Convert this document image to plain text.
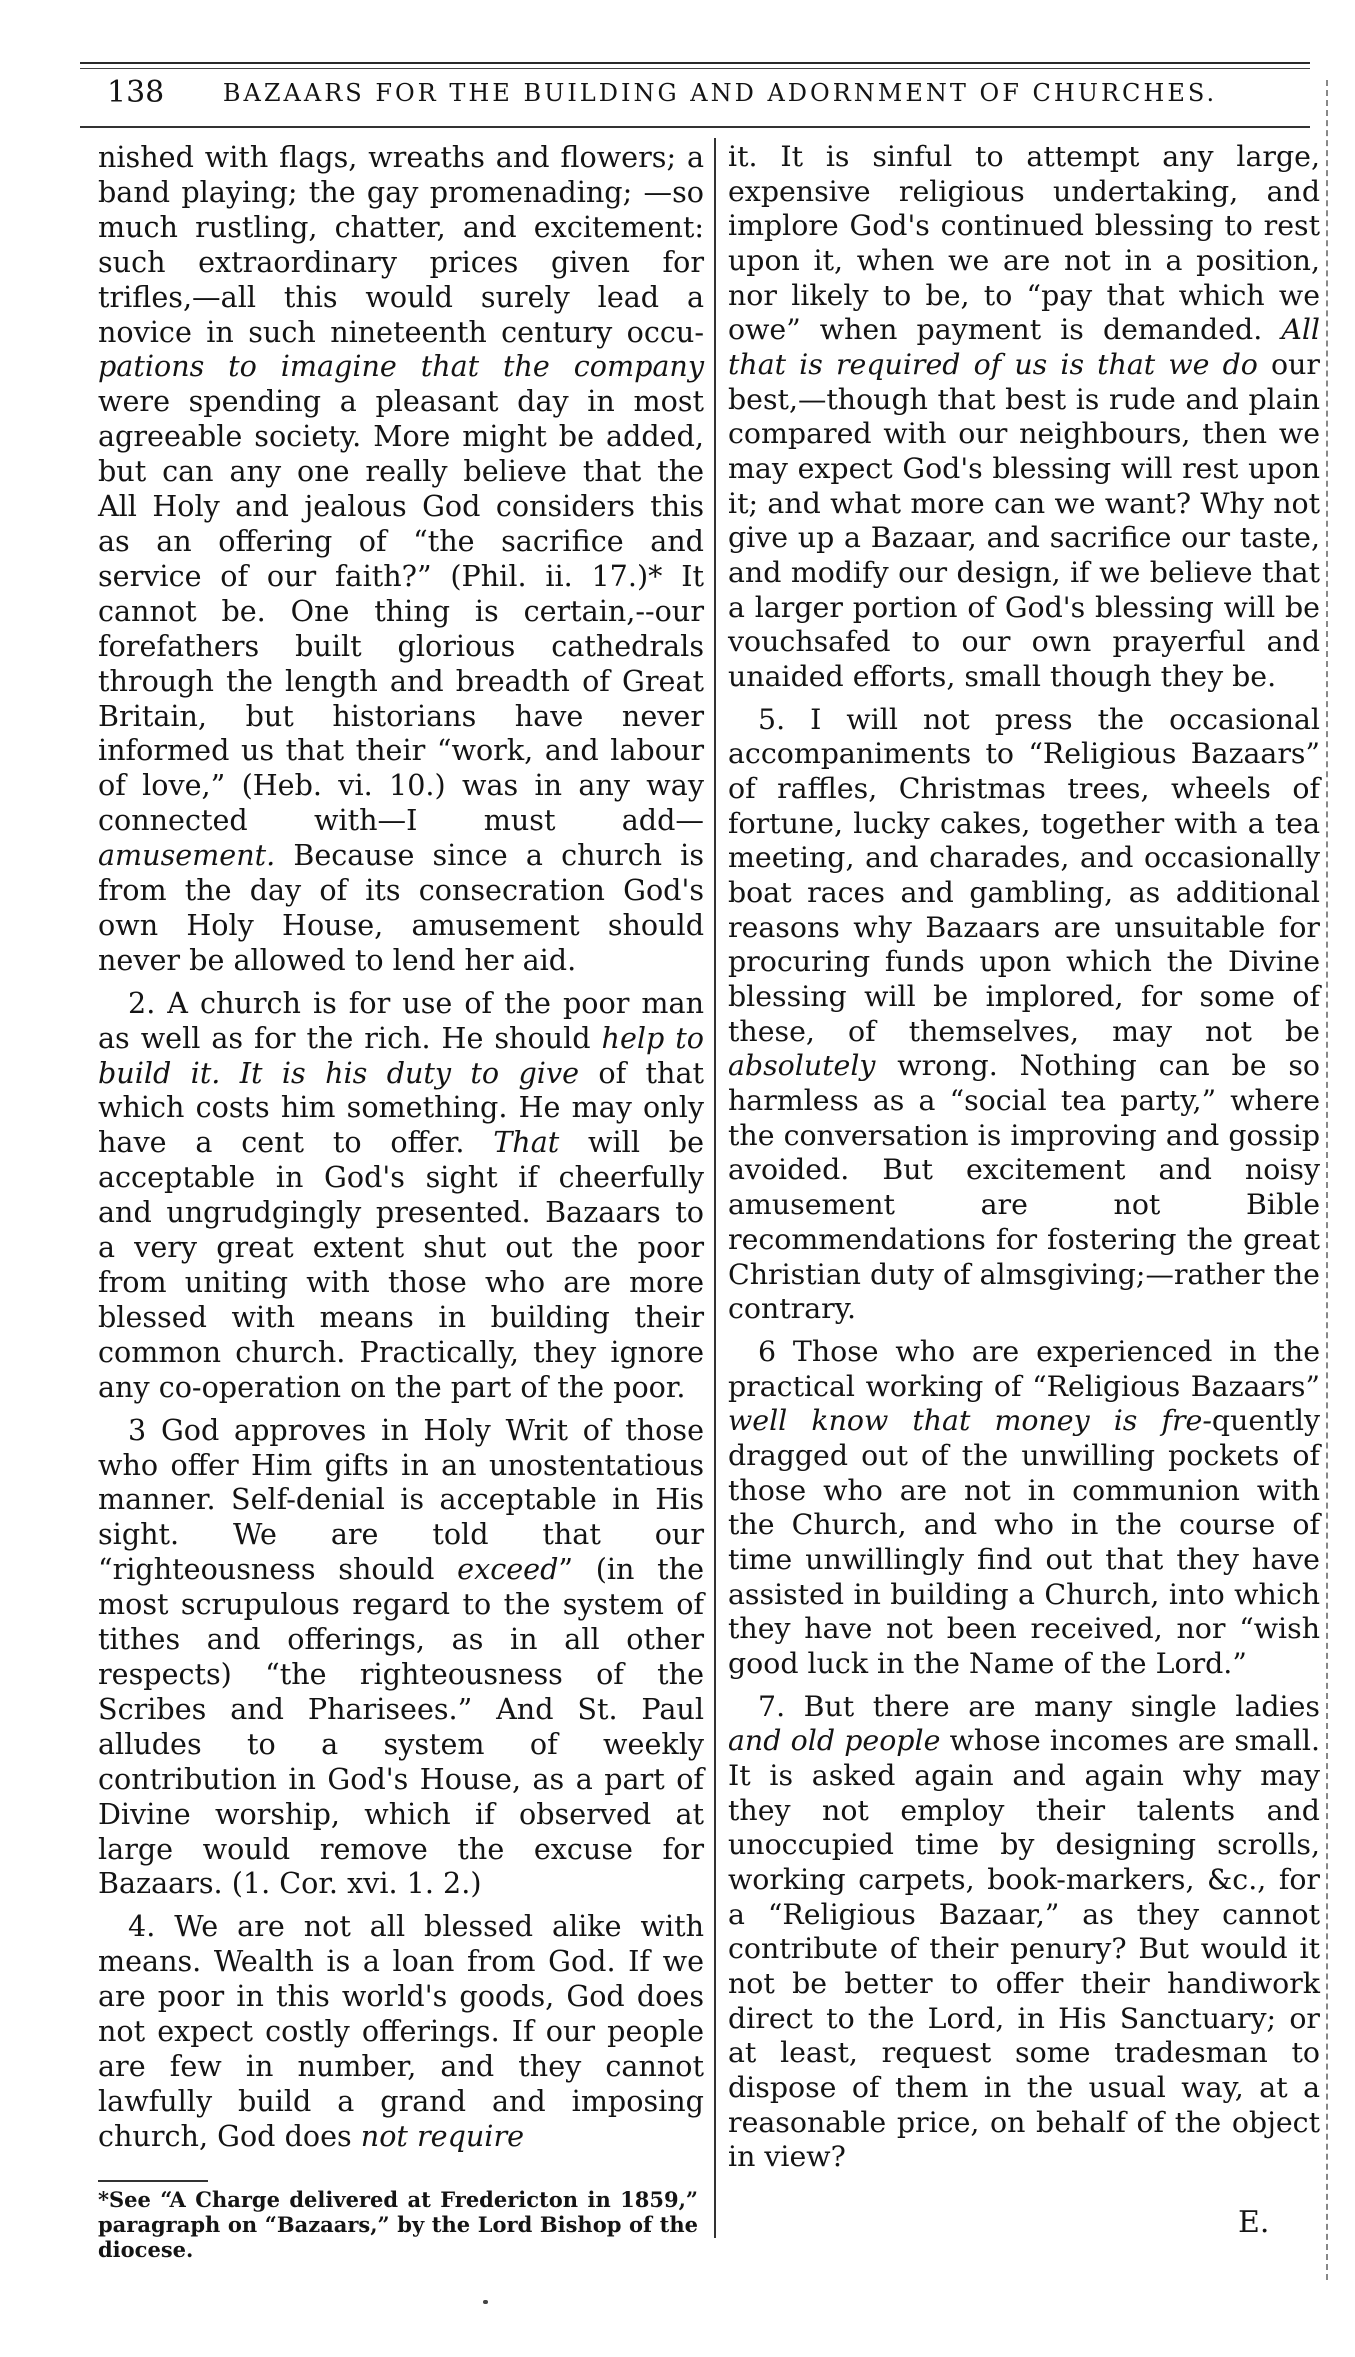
138 BAZAARS FOR THE BUILDING AND ADORNMENT OF CHURCHES.

nished with flags, wreaths and flowers; a band playing; the gay promenading; —so much rustling, chatter, and excitement: such extraordinary prices given for trifles,—all this would surely lead a novice in such nineteenth century occu-pations to imagine that the company were spending a pleasant day in most agreeable society. More might be added, but can any one really believe that the All Holy and jealous God considers this as an offering of “the sacrifice and service of our faith?” (Phil. ii. 17.)* It cannot be. One thing is certain,--our forefathers built glorious cathedrals through the length and breadth of Great Britain, but historians have never informed us that their “work, and labour of love,” (Heb. vi. 10.) was in any way connected with—I must add—amusement. Because since a church is from the day of its consecration God's own Holy House, amusement should never be allowed to lend her aid.

2. A church is for use of the poor man as well as for the rich. He should help to build it. It is his duty to give of that which costs him something. He may only have a cent to offer. That will be acceptable in God's sight if cheerfully and ungrudgingly presented. Bazaars to a very great extent shut out the poor from uniting with those who are more blessed with means in building their common church. Practically, they ignore any co-operation on the part of the poor.

3 God approves in Holy Writ of those who offer Him gifts in an unostentatious manner. Self-denial is acceptable in His sight. We are told that our “righteousness should exceed” (in the most scrupulous regard to the system of tithes and offerings, as in all other respects) “the righteousness of the Scribes and Pharisees.” And St. Paul alludes to a system of weekly contribution in God's House, as a part of Divine worship, which if observed at large would remove the excuse for Bazaars. (1. Cor. xvi. 1. 2.)

4. We are not all blessed alike with means. Wealth is a loan from God. If we are poor in this world's goods, God does not expect costly offerings. If our people are few in number, and they cannot lawfully build a grand and imposing church, God does not require

*See “A Charge delivered at Fredericton in 1859,” paragraph on “Bazaars,” by the Lord Bishop of the diocese.

it. It is sinful to attempt any large, expensive religious undertaking, and implore God's continued blessing to rest upon it, when we are not in a position, nor likely to be, to “pay that which we owe” when payment is demanded. All that is required of us is that we do our best,—though that best is rude and plain compared with our neighbours, then we may expect God's blessing will rest upon it; and what more can we want? Why not give up a Bazaar, and sacrifice our taste, and modify our design, if we believe that a larger portion of God's blessing will be vouchsafed to our own prayerful and unaided efforts, small though they be.

5. I will not press the occasional accompaniments to “Religious Bazaars” of raffles, Christmas trees, wheels of fortune, lucky cakes, together with a tea meeting, and charades, and occasionally boat races and gambling, as additional reasons why Bazaars are unsuitable for procuring funds upon which the Divine blessing will be implored, for some of these, of themselves, may not be absolutely wrong. Nothing can be so harmless as a “social tea party,” where the conversation is improving and gossip avoided. But excitement and noisy amusement are not Bible recommendations for fostering the great Christian duty of almsgiving;—rather the contrary.

6 Those who are experienced in the practical working of “Religious Bazaars” well know that money is fre-quently dragged out of the unwilling pockets of those who are not in communion with the Church, and who in the course of time unwillingly find out that they have assisted in building a Church, into which they have not been received, nor “wish good luck in the Name of the Lord.”

7. But there are many single ladies and old people whose incomes are small. It is asked again and again why may they not employ their talents and unoccupied time by designing scrolls, working carpets, book-markers, &c., for a “Religious Bazaar,” as they cannot contribute of their penury? But would it not be better to offer their handiwork direct to the Lord, in His Sanctuary; or at least, request some tradesman to dispose of them in the usual way, at a reasonable price, on behalf of the object in view?

E.
